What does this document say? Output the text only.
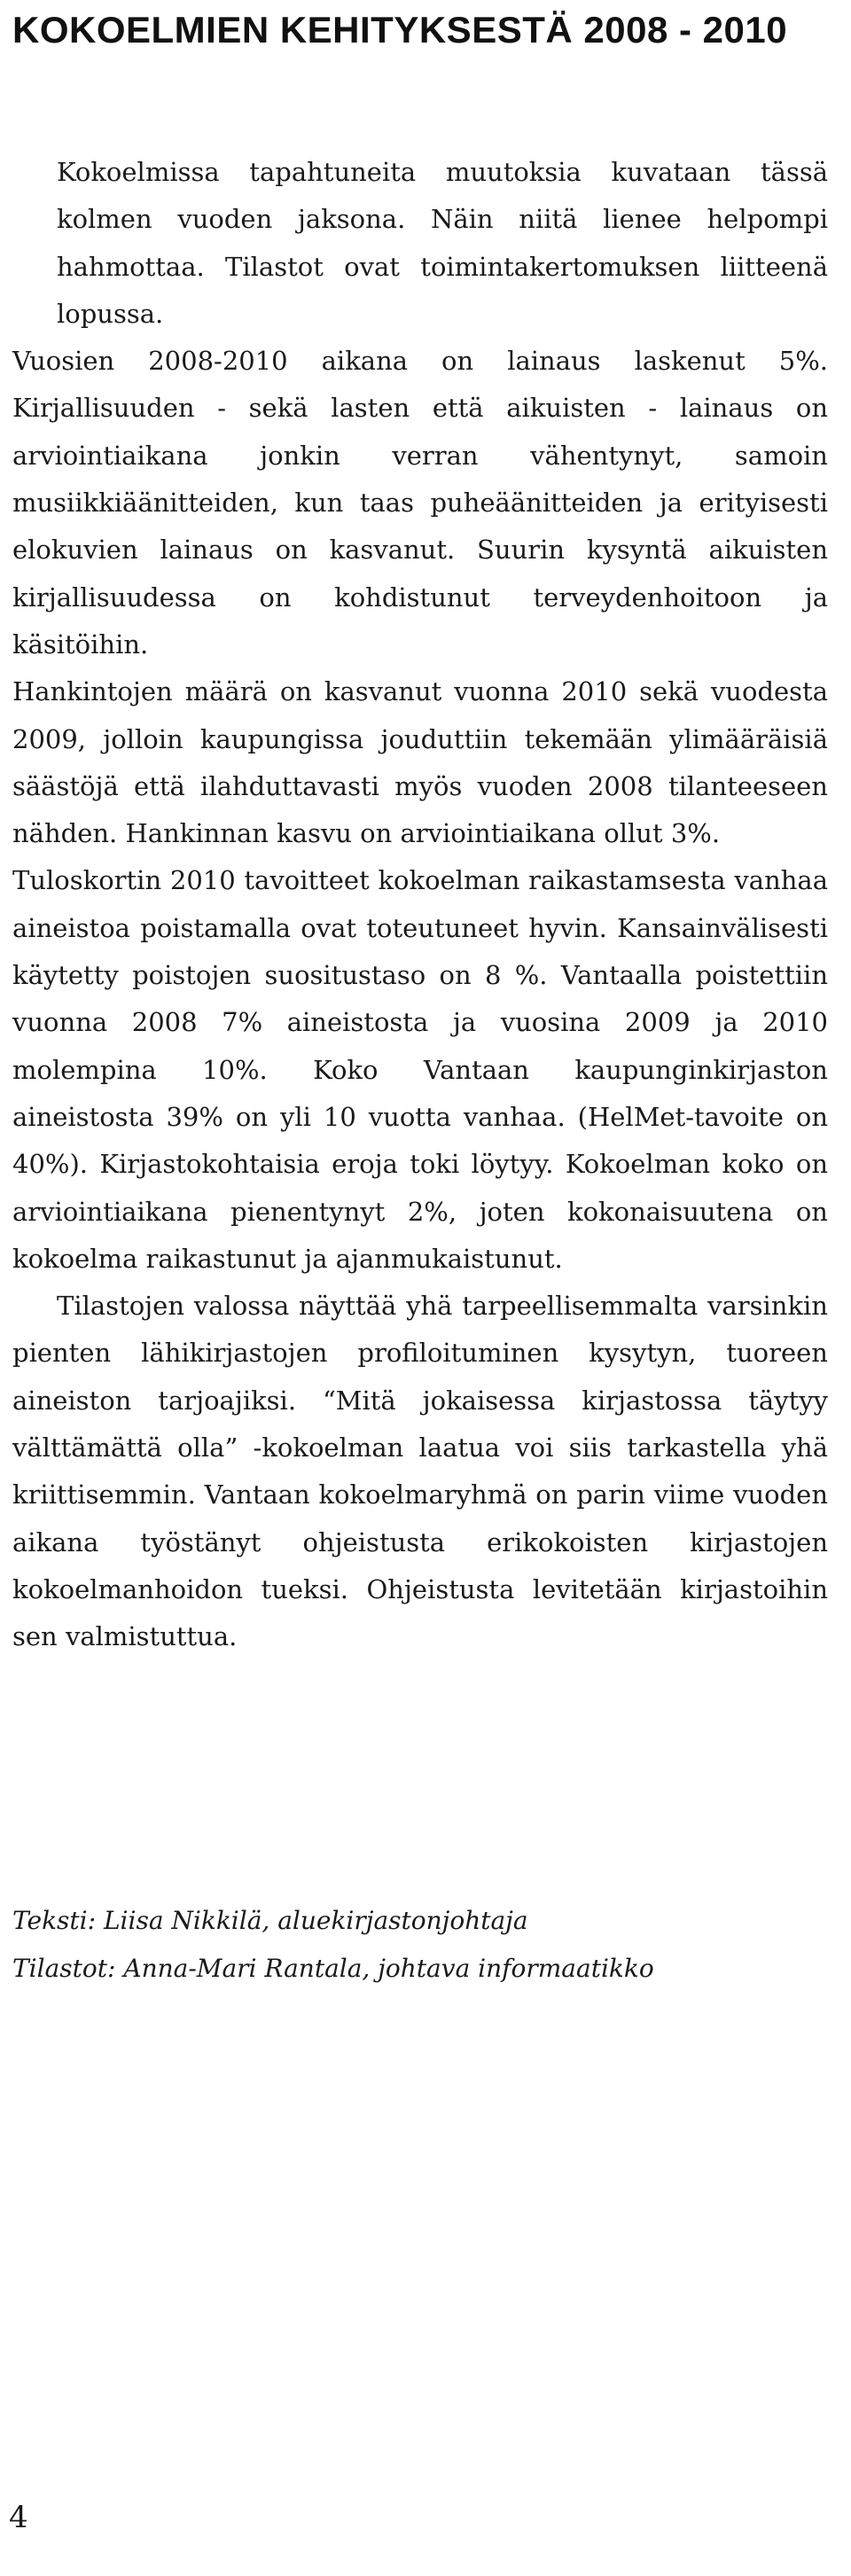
KOKOELMIEN KEHITYKSESTÄ 2008 - 2010

Kokoelmissa tapahtuneita muutoksia kuvataan tässä kolmen vuoden jaksona. Näin niitä lienee helpompi hahmottaa. Tilastot ovat toimintakertomuksen liitteenä lopussa.

Vuosien 2008-2010 aikana on lainaus laskenut 5%. Kirjallisuuden - sekä lasten että aikuisten - lainaus on arviointiaikana jonkin verran vähentynyt, samoin musiikkiäänitteiden, kun taas puheäänitteiden ja erityisesti elokuvien lainaus on kasvanut. Suurin kysyntä aikuisten kirjallisuudessa on kohdistunut terveydenhoitoon ja käsitöihin.

Hankintojen määrä on kasvanut vuonna 2010 sekä vuodesta 2009, jolloin kaupungissa jouduttiin tekemään ylimääräisiä säästöjä että ilahduttavasti myös vuoden 2008 tilanteeseen nähden. Hankinnan kasvu on arviointiaikana ollut 3%.

Tuloskortin 2010 tavoitteet kokoelman raikastamsesta vanhaa aineistoa poistamalla ovat toteutuneet hyvin. Kansainvälisesti käytetty poistojen suositustaso on 8 %. Vantaalla poistettiin vuonna 2008 7% aineistosta ja vuosina 2009 ja 2010 molempina 10%. Koko Vantaan kaupunginkirjaston aineistosta 39% on yli 10 vuotta vanhaa. (HelMet-tavoite on 40%). Kirjastokohtaisia eroja toki löytyy. Kokoelman koko on arviointiaikana pienentynyt 2%, joten kokonaisuutena on kokoelma raikastunut ja ajanmukaistunut.

Tilastojen valossa näyttää yhä tarpeellisemmalta varsinkin pienten lähikirjastojen profiloituminen kysytyn, tuoreen aineiston tarjoajiksi. “Mitä jokaisessa kirjastossa täytyy välttämättä olla” -kokoelman laatua voi siis tarkastella yhä kriittisemmin. Vantaan kokoelmaryhmä on parin viime vuoden aikana työstänyt ohjeistusta erikokoisten kirjastojen kokoelmanhoidon tueksi. Ohjeistusta levitetään kirjastoihin sen valmistuttua.

Teksti: Liisa Nikkilä, aluekirjastonjohtaja
Tilastot: Anna-Mari Rantala, johtava informaatikko
4
